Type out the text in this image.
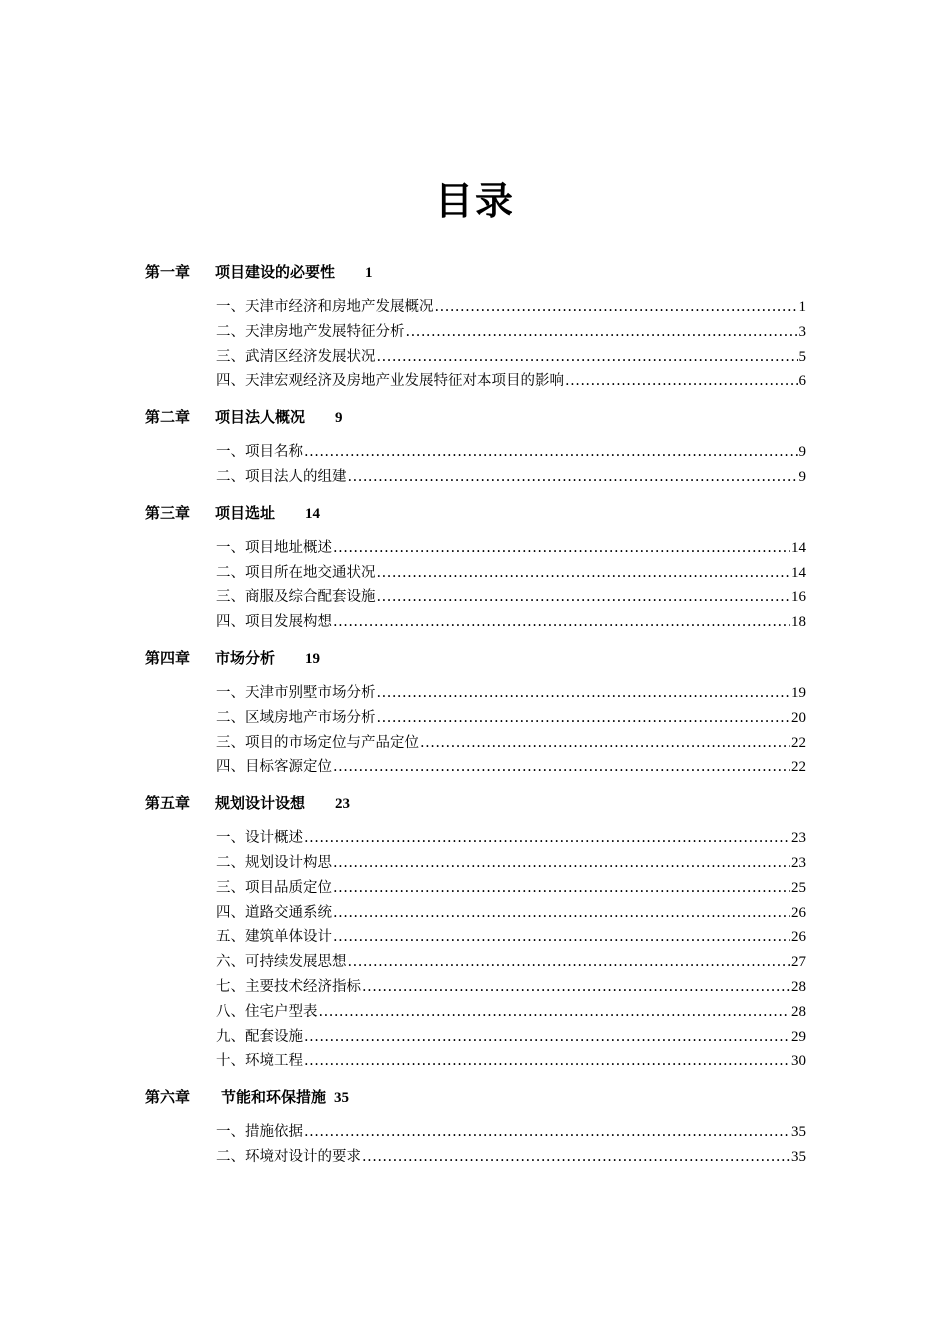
目录
第一章	项目建设的必要性 1
一、天津市经济和房地产发展概况 .....	1
二、天津房地产发展特征分析 .....	3
三、武清区经济发展状况 .....	5
四、天津宏观经济及房地产业发展特征对本项目的影响 .....	6
第二章	项目法人概况 9
一、项目名称 .....	9
二、项目法人的组建 .....	9
第三章	项目选址 14
一、项目地址概述 .....	14
二、项目所在地交通状况 .....	14
三、商服及综合配套设施 .....	16
四、项目发展构想 .....	18
第四章	市场分析 19
一、天津市别墅市场分析 .....	19
二、区域房地产市场分析 .....	20
三、项目的市场定位与产品定位 .....	22
四、目标客源定位 .....	22
第五章	规划设计设想 23
一、设计概述 .....	23
二、规划设计构思 .....	23
三、项目品质定位 .....	25
四、道路交通系统 .....	26
五、建筑单体设计 .....	26
六、可持续发展思想 .....	27
七、主要技术经济指标 .....	28
八、住宅户型表 .....	28
九、配套设施 .....	29
十、环境工程 .....	30
第六章	节能和环保措施 35
一、措施依据 .....	35
二、环境对设计的要求 .....	35
